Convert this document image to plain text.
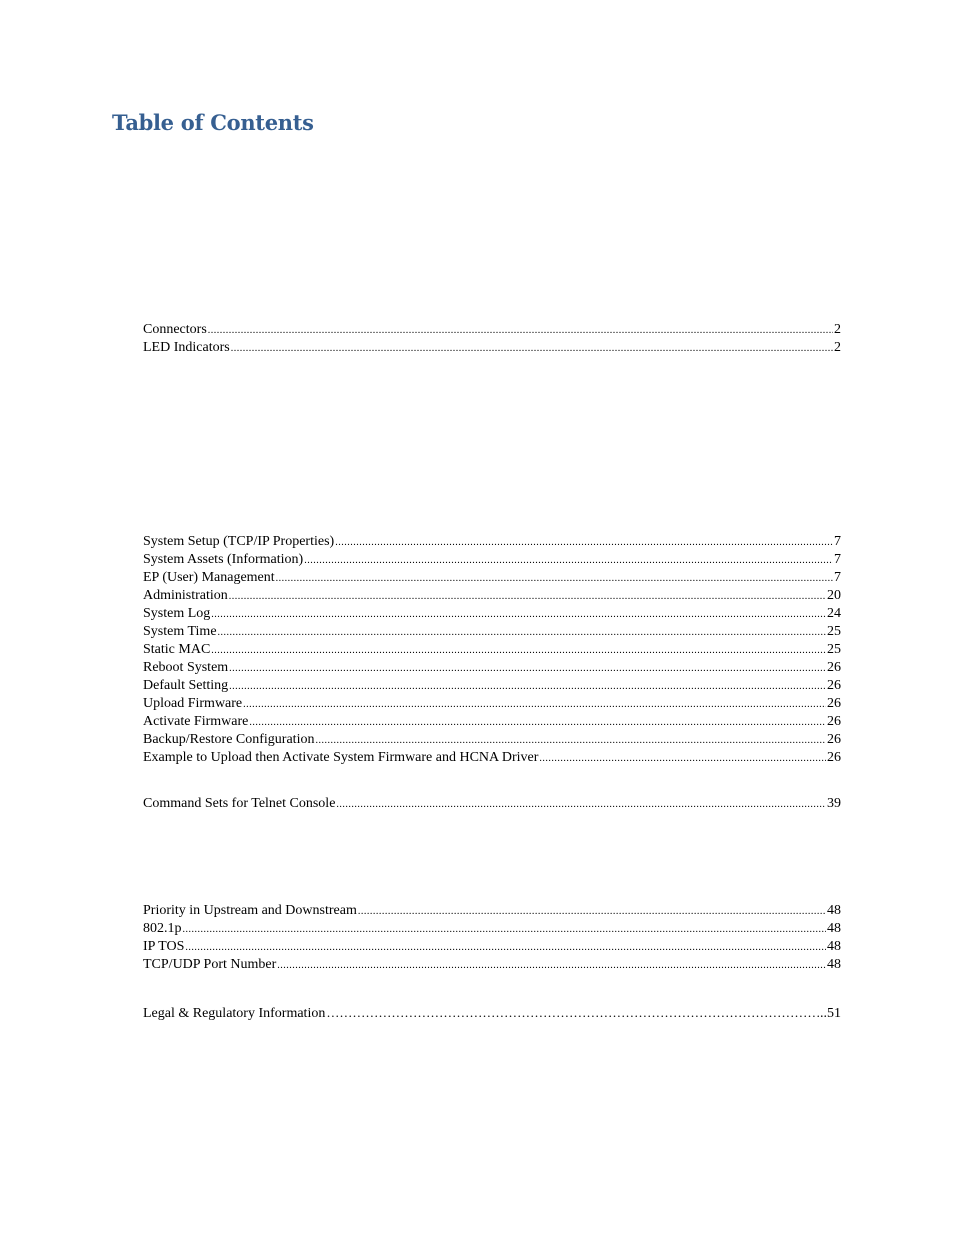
Table of Contents
Connectors .....	2
LED Indicators .....	2
System Setup (TCP/IP Properties) .....	7
System Assets (Information) .....	7
EP (User) Management .....	7
Administration .....	20
System Log .....	24
System Time .....	25
Static MAC .....	25
Reboot System .....	26
Default Setting .....	26
Upload Firmware .....	26
Activate Firmware .....	26
Backup/Restore Configuration .....	26
Example to Upload then Activate System Firmware and HCNA Driver .....	26
Command Sets for Telnet Console .....	39
Priority in Upstream and Downstream .....	48
802.1p .....	48
IP TOS .....	48
TCP/UDP Port Number .....	48
Legal & Regulatory Information …………………………………………………………………………………………………………………………………………………………………………………………	..51
